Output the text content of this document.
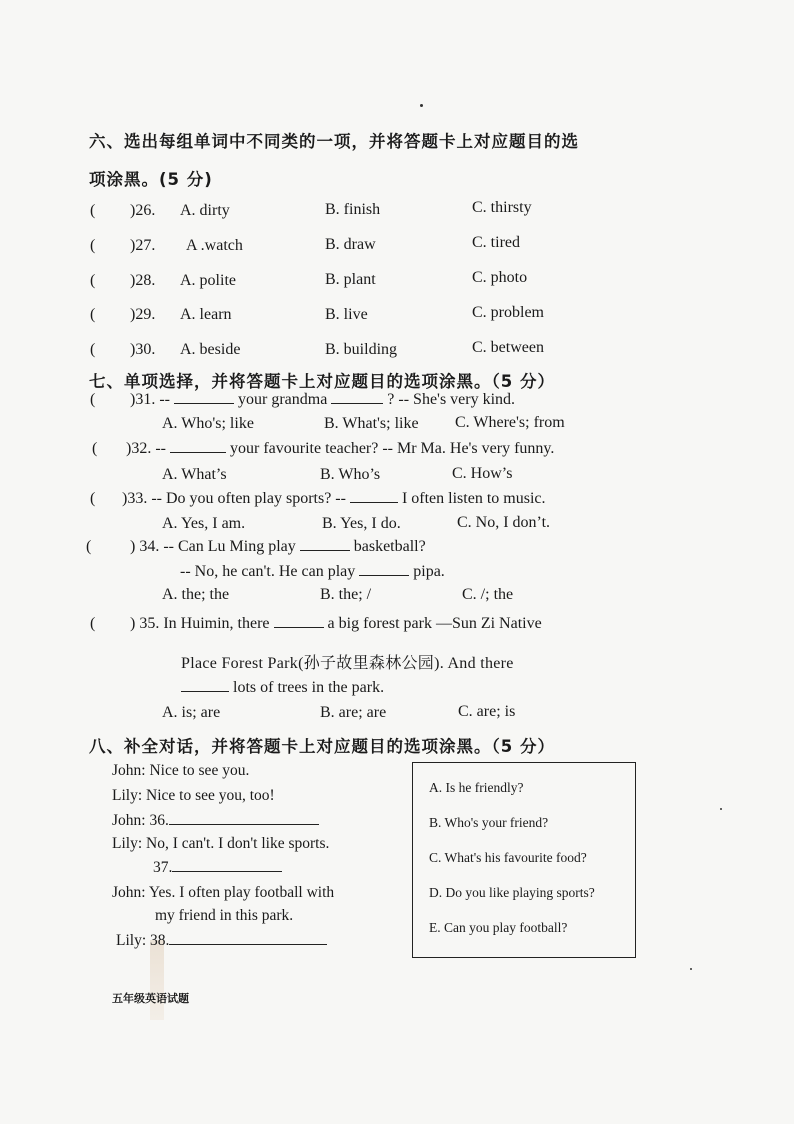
六、选出每组单词中不同类的一项，并将答题卡上对应题目的选
项涂黑。(5 分)
( )26. A. dirty	B. finish	C. thirsty
( )27. A .watch	B. draw	C. tired
( )28. A. polite	B. plant	C. photo
( )29. A. learn	B. live	C. problem
( )30. A. beside	B. building	C. between
七、单项选择，并将答题卡上对应题目的选项涂黑。（5 分）
( )31. --	your grandma	? -- She's very kind.
A. Who's; like	B. What's; like C. Where's; from
( )32. --	your favourite teacher? -- Mr Ma. He's very funny.
A. What’s	B. Who’s	C. How’s
( )33. -- Do you often play sports? --	I often listen to music.
A. Yes, I am.	B. Yes, I do.	C. No, I don’t.
( ) 34. -- Can Lu Ming play	basketball?
-- No, he can't. He can play	pipa.
A. the; the	B. the; /	C. /; the
( ) 35. In Huimin, there	a big forest park —Sun Zi Native
Place Forest Park(孙子故里森林公园). And there
lots of trees in the park.
A. is; are	B. are; are	C. are; is
八、补全对话，并将答题卡上对应题目的选项涂黑。（5 分）
John: Nice to see you.
Lily: Nice to see you, too!
John: 36.
Lily: No, I can't. I don't like sports.
37.
John: Yes. I often play football with
my friend in this park.
Lily: 38.
A. Is he friendly?
B. Who's your friend?
C. What's his favourite food?
D. Do you like playing sports?
E. Can you play football?
五年级英语试题
